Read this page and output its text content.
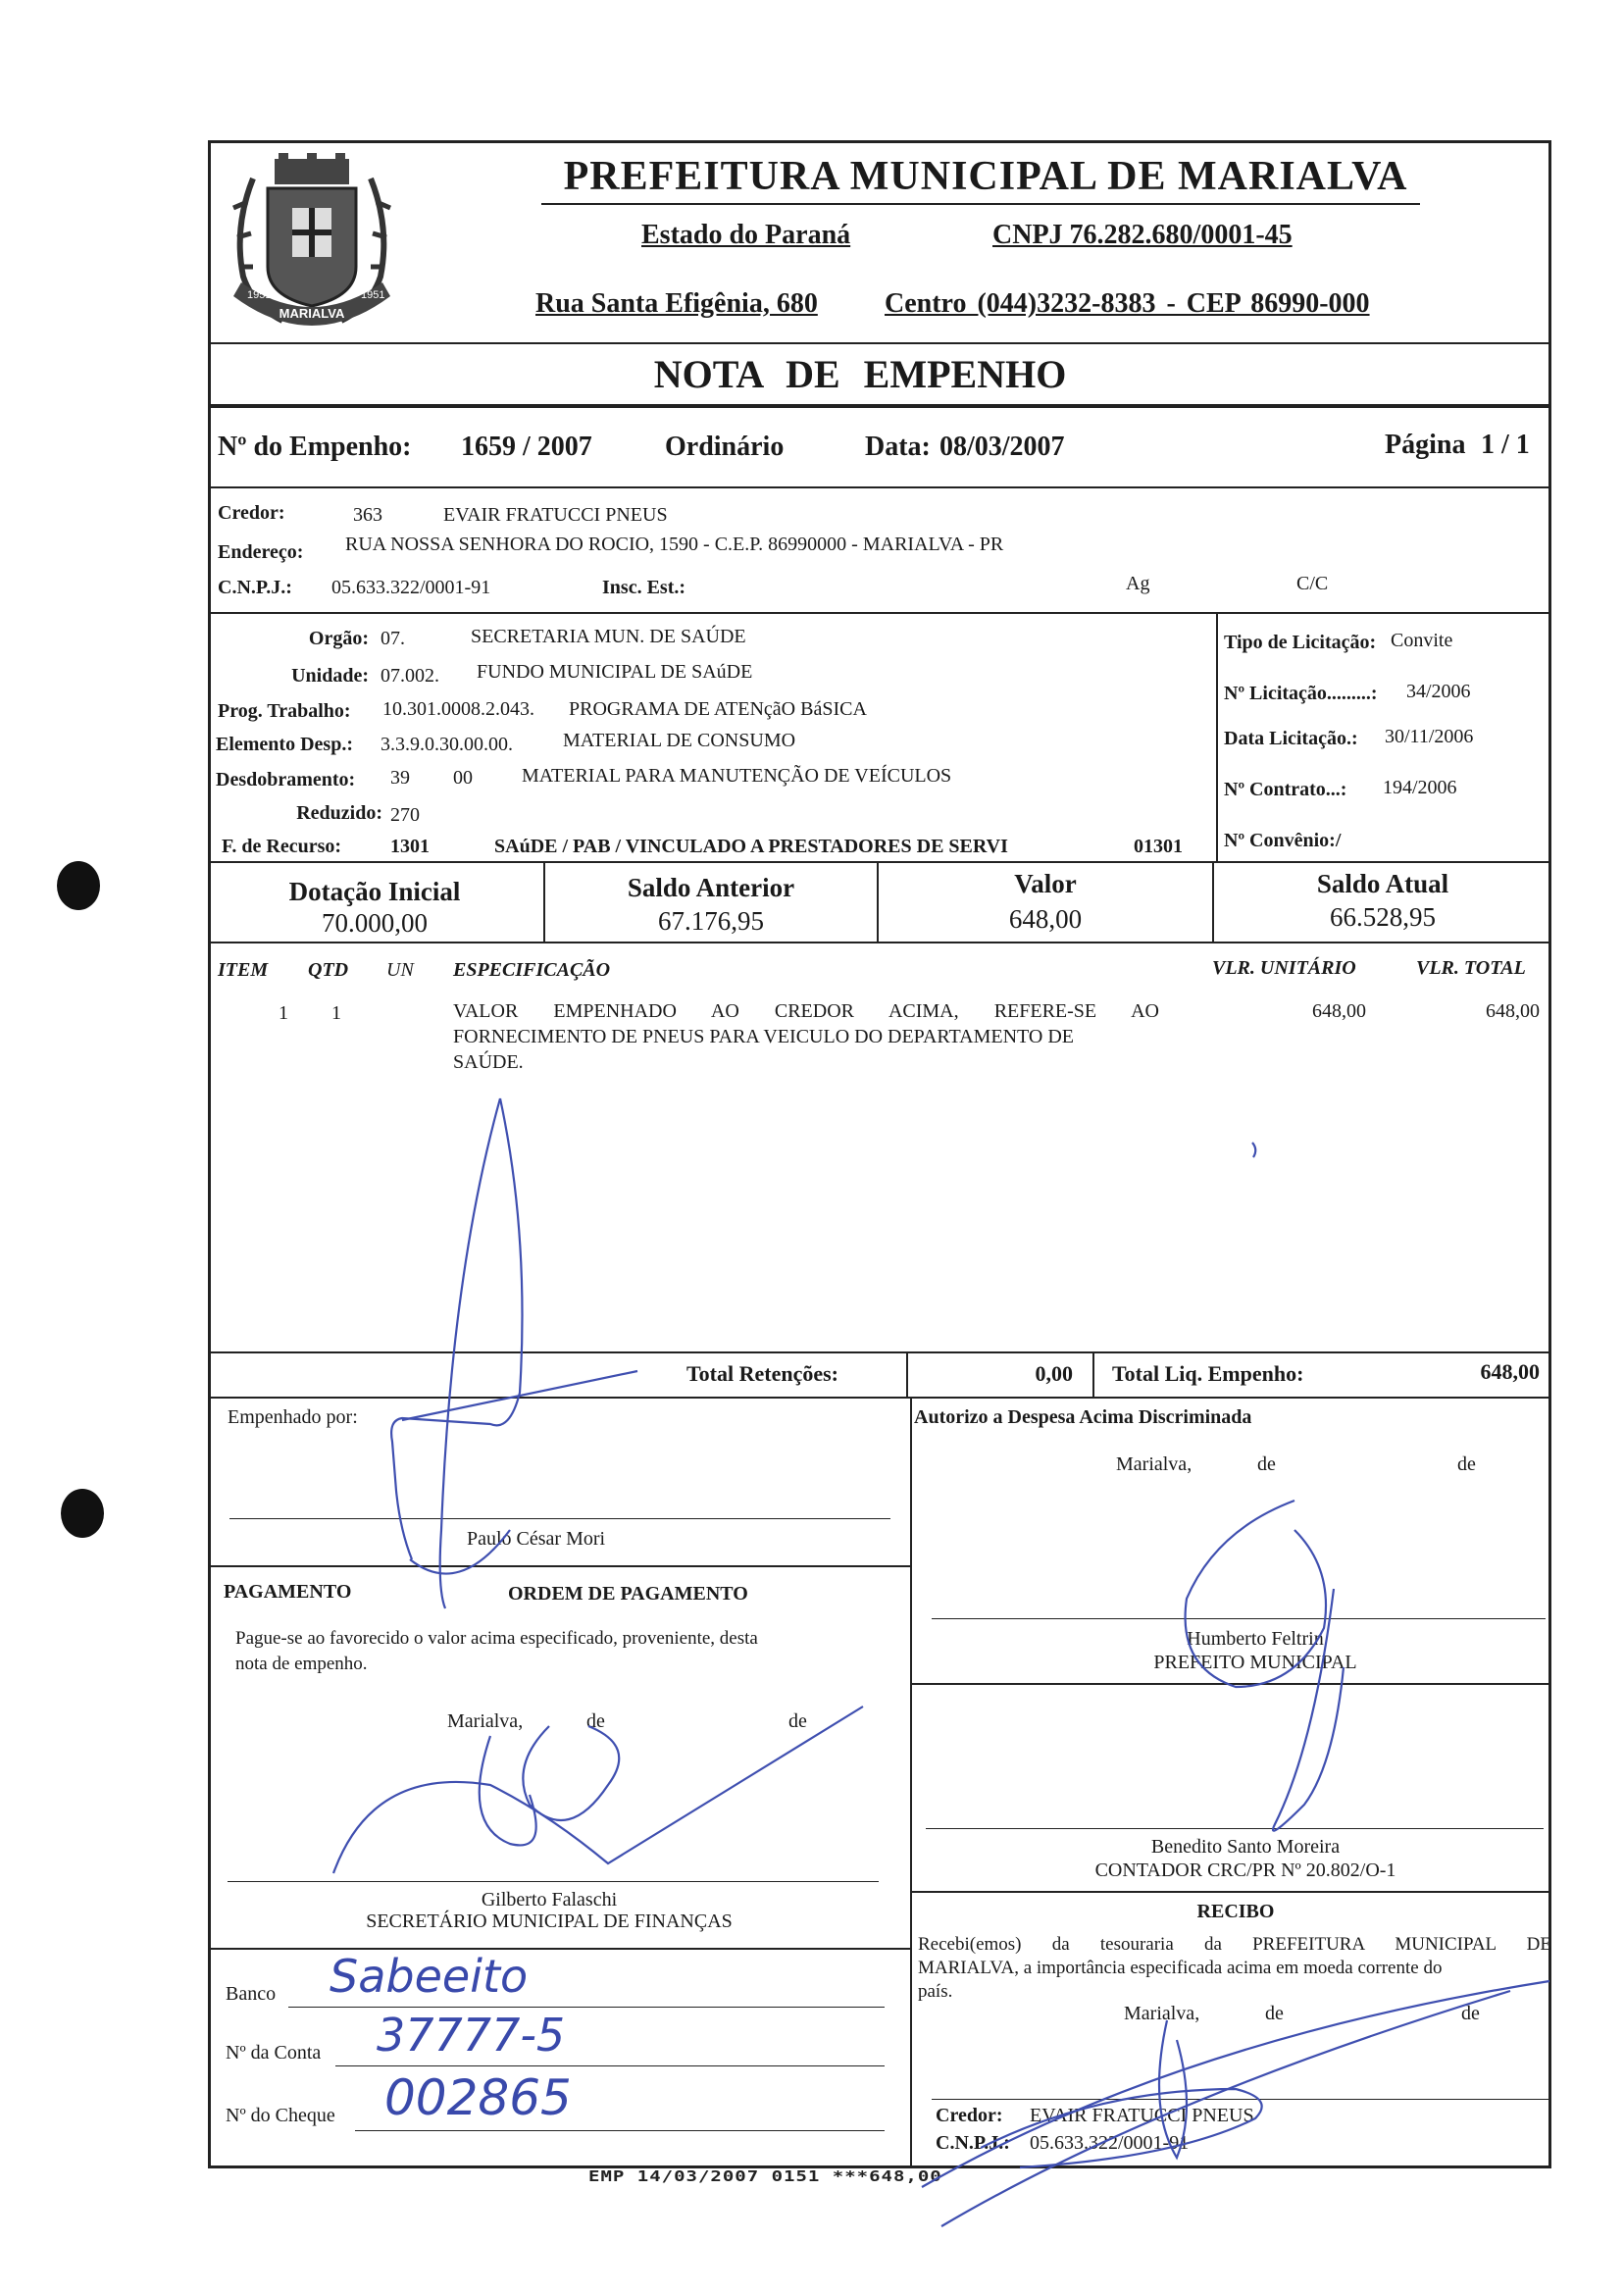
MARIALVA
1951	1951
PREFEITURA MUNICIPAL DE MARIALVA
Estado do Paraná	CNPJ 76.282.680/0001-45
Rua Santa Efigênia, 680 Centro (044)3232-8383 - CEP 86990-000
NOTA DE EMPENHO
Nº do Empenho: 1659 / 2007	Ordinário	Data: 08/03/2007	Página 1 / 1
Credor:	363	EVAIR FRATUCCI PNEUS
Endereço: RUA NOSSA SENHORA DO ROCIO, 1590 - C.E.P. 86990000 - MARIALVA - PR
C.N.P.J.: 05.633.322/0001-91	Insc. Est.:	Ag	C/C
Orgão: 07.	SECRETARIA MUN. DE SAÚDE
Unidade: 07.002. FUNDO MUNICIPAL DE SAúDE
Prog. Trabalho: 10.301.0008.2.043. PROGRAMA DE ATENçãO BáSICA
Elemento Desp.: 3.3.9.0.30.00.00.	MATERIAL DE CONSUMO
Desdobramento: 39 00	MATERIAL PARA MANUTENÇÃO DE VEÍCULOS
Reduzido: 270
F. de Recurso: 1301	SAúDE / PAB / VINCULADO A PRESTADORES DE SERVI	01301
Tipo de Licitação: Convite
Nº Licitação.........: 34/2006
Data Licitação.: 30/11/2006
Nº Contrato...: 194/2006
Nº Convênio:/
Dotação Inicial
70.000,00
Saldo Anterior
67.176,95
Valor
648,00
Saldo Atual
66.528,95
ITEM QTD UN ESPECIFICAÇÃO	VLR. UNITÁRIO	VLR. TOTAL
1 1	VALOR EMPENHADO AO CREDOR ACIMA, REFERE-SE AO
FORNECIMENTO DE PNEUS PARA VEICULO DO DEPARTAMENTO DE
SAÚDE.
648,00	648,00
Total Retenções:	0,00 Total Liq. Empenho:	648,00
Empenhado por:
Paulo César Mori
Autorizo a Despesa Acima Discriminada
Marialva,	de	de
Humberto Feltrin
PREFEITO MUNICIPAL
PAGAMENTO	ORDEM DE PAGAMENTO
Pague-se ao favorecido o valor acima especificado, proveniente, desta
nota de empenho.
Marialva,	de	de
Gilberto Falaschi
SECRETÁRIO MUNICIPAL DE FINANÇAS
Benedito Santo Moreira
CONTADOR CRC/PR Nº 20.802/O-1
RECIBO
Recebi(emos) da tesouraria da PREFEITURA MUNICIPAL DE
MARIALVA, a importância especificada acima em moeda corrente do
país.
Marialva,	de	de
Credor: EVAIR FRATUCCI PNEUS
C.N.P.J.: 05.633.322/0001-91
Banco Sabeeito
Nº da Conta 37777-5
Nº do Cheque 002865
EMP 14/03/2007 0151 ***648,00
